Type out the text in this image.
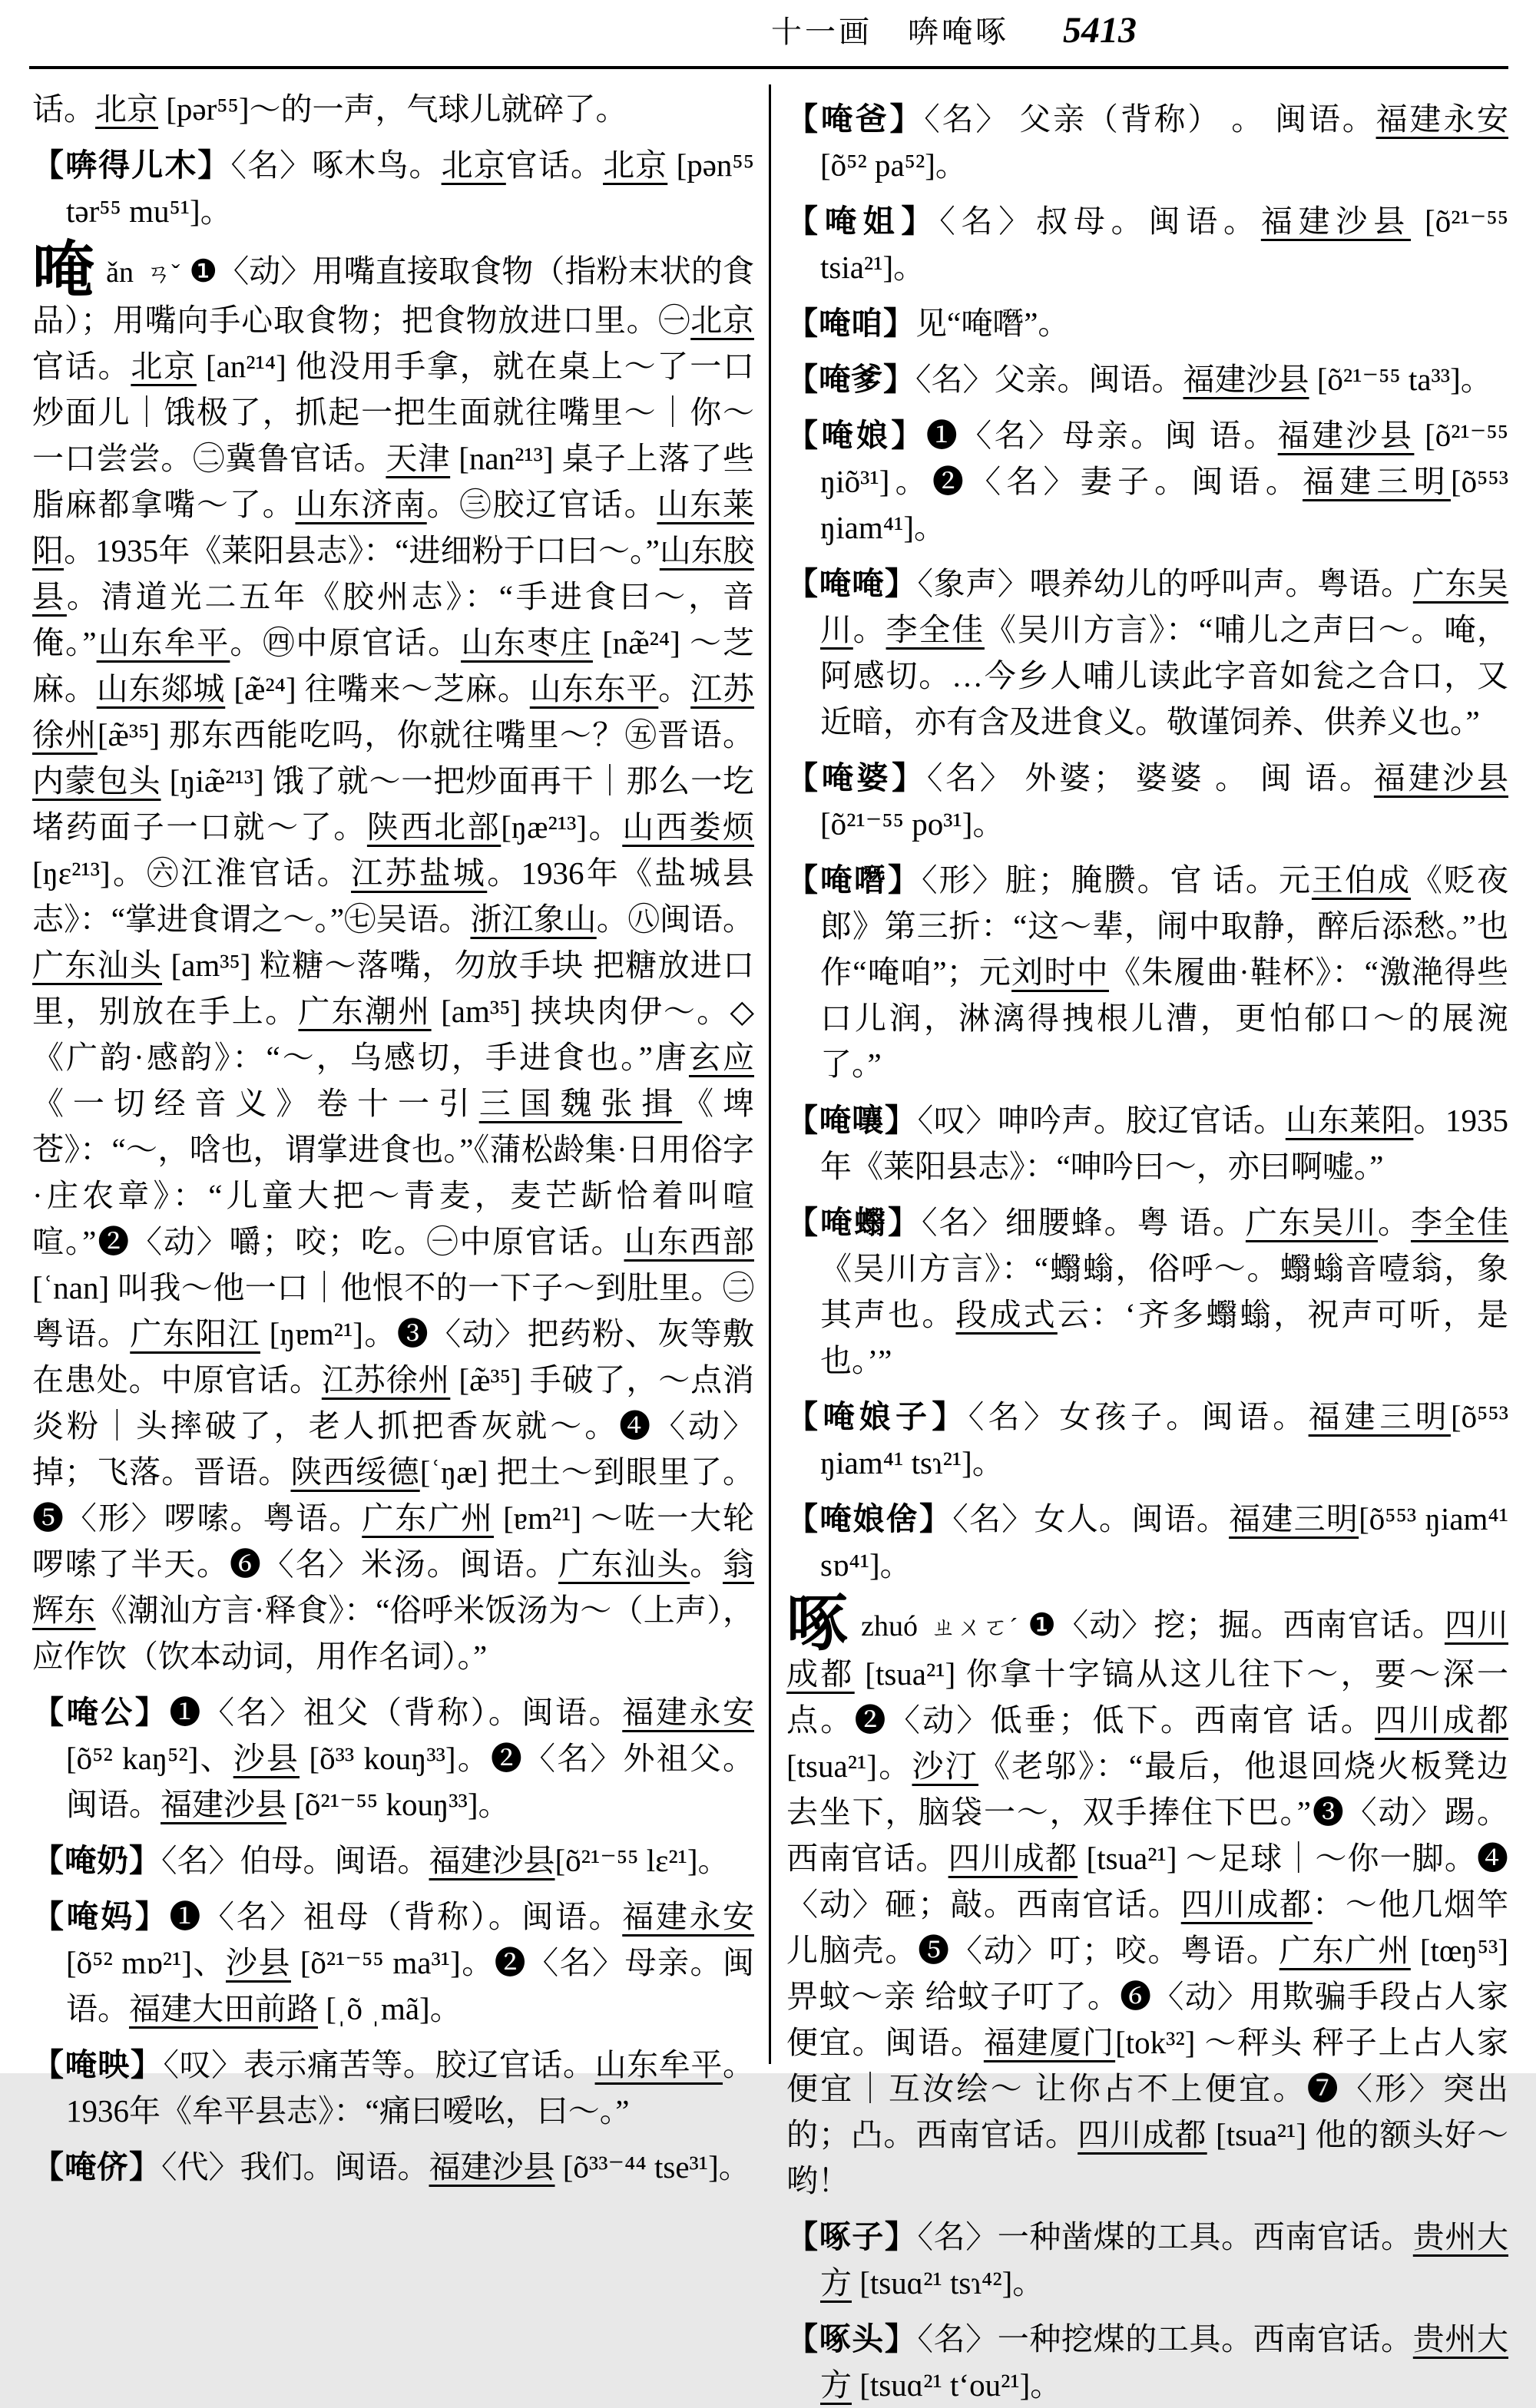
十一画 喯唵啄 5413
话。北京 [pər⁵⁵]～的一声，气球儿就碎了。
【喯得儿木】〈名〉啄木鸟。北京官话。北京 [pən⁵⁵ tər⁵⁵ mu⁵¹]。
唵ǎn ㄢˇ ❶〈动〉用嘴直接取食物（指粉末状的食品）；用嘴向手心取食物；把食物放进口里。㊀北京官话。北京 [an²¹⁴] 他没用手拿，就在桌上～了一口炒面儿｜饿极了，抓起一把生面就往嘴里～｜你～一口尝尝。㊁冀鲁官话。天津 [nan²¹³] 桌子上落了些脂麻都拿嘴～了。山东济南。㊂胶辽官话。山东莱阳。1935年《莱阳县志》：“进细粉于口曰～。”山东胶县。清道光二五年《胶州志》：“手进食曰～，音俺。”山东牟平。㊃中原官话。山东枣庄 [næ̃²⁴] ～芝麻。山东郯城 [æ̃²⁴] 往嘴来～芝麻。山东东平。江苏徐州[æ̃³⁵] 那东西能吃吗，你就往嘴里～？㊄晋语。内蒙包头 [ŋiæ̃²¹³] 饿了就～一把炒面再干｜那么一圪堵药面子一口就～了。陕西北部[ŋæ²¹³]。山西娄烦[ŋɛ²¹³]。㊅江淮官话。江苏盐城。1936年《盐城县志》：“掌进食谓之～。”㊆吴语。浙江象山。㊇闽语。广东汕头 [am³⁵] 粒糖～落嘴，勿放手块 把糖放进口里，别放在手上。广东潮州 [am³⁵] 挟块肉伊～。◇《广韵·感韵》：“～，乌感切，手进食也。”唐玄应《一切经音义》卷十一引三国魏张揖《埤苍》：“～，唅也，谓掌进食也。”《蒲松龄集·日用俗字·庄农章》：“儿童大把～青麦，麦芒龂恰着叫喧喧。”❷〈动〉嚼；咬；吃。㊀中原官话。山东西部 [ʿnan] 叫我～他一口｜他恨不的一下子～到肚里。㊁粤语。广东阳江 [ŋɐm²¹]。❸〈动〉把药粉、灰等敷在患处。中原官话。江苏徐州 [æ̃³⁵] 手破了，～点消炎粉｜头摔破了，老人抓把香灰就～。❹〈动〉掉；飞落。晋语。陕西绥德[ʿŋæ] 把土～到眼里了。❺〈形〉啰嗦。粤语。广东广州 [ɐm²¹] ～咗一大轮啰嗦了半天。❻〈名〉米汤。闽语。广东汕头。翁辉东《潮汕方言·释食》：“俗呼米饭汤为～（上声），应作饮（饮本动词，用作名词）。”
【唵公】❶〈名〉祖父（背称）。闽语。福建永安 [õ⁵² kaŋ⁵²]、沙县 [õ³³ kouŋ³³]。❷〈名〉外祖父。闽语。福建沙县 [õ²¹⁻⁵⁵ kouŋ³³]。
【唵奶】〈名〉伯母。闽语。福建沙县[õ²¹⁻⁵⁵ lɛ²¹]。
【唵妈】❶〈名〉祖母（背称）。闽语。福建永安 [õ⁵² mɒ²¹]、沙县 [õ²¹⁻⁵⁵ ma³¹]。❷〈名〉母亲。闽语。福建大田前路 [ˌõ ˌmã]。
【唵映】〈叹〉表示痛苦等。胶辽官话。山东牟平。1936年《牟平县志》：“痛曰嗳吆，曰～。”
【唵侪】〈代〉我们。闽语。福建沙县 [õ³³⁻⁴⁴ tse³¹]。
【唵爸】〈名〉 父亲（背称） 。 闽语。福建永安 [õ⁵² pa⁵²]。
【唵姐】〈名〉叔母。闽语。福建沙县 [õ²¹⁻⁵⁵ tsia²¹]。
【唵咱】见“唵噆”。
【唵爹】〈名〉父亲。闽语。福建沙县 [õ²¹⁻⁵⁵ ta³³]。
【唵娘】❶〈名〉母亲。闽 语。福建沙县 [õ²¹⁻⁵⁵ ŋiõ³¹]。❷〈名〉妻子。闽语。福建三明[õ⁵⁵³ ŋiam⁴¹]。
【唵唵】〈象声〉喂养幼儿的呼叫声。粤语。广东吴川。李全佳《吴川方言》：“哺儿之声曰～。唵，阿感切。…今乡人哺儿读此字音如瓮之合口，又近暗，亦有含及进食义。敬谨饲养、供养义也。”
【唵婆】〈名〉 外婆； 婆婆 。 闽 语。福建沙县 [õ²¹⁻⁵⁵ po³¹]。
【唵噆】〈形〉脏；腌臜。官 话。元王伯成《贬夜郎》第三折：“这～辈，闹中取静，醉后添愁。”也作“唵咱”；元刘时中《朱履曲·鞋杯》：“激滟得些口儿润，淋漓得拽根儿漕，更怕郁口～的展涴了。”
【唵嚷】〈叹〉呻吟声。胶辽官话。山东莱阳。1935年《莱阳县志》：“呻吟曰～，亦曰啊嘘。”
【唵蠮】〈名〉细腰蜂。粤 语。广东吴川。李全佳《吴川方言》：“蠮螉，俗呼～。蠮螉音噎翁，象其声也。段成式云：‘齐多蠮螉，祝声可听，是也。’”
【唵娘子】〈名〉女孩子。闽语。福建三明[õ⁵⁵³ ŋiam⁴¹ tsɿ²¹]。
【唵娘倽】〈名〉女人。闽语。福建三明[õ⁵⁵³ ŋiam⁴¹ sɒ⁴¹]。
啄zhuó ㄓㄨㄛˊ ❶〈动〉挖；掘。西南官话。四川成都 [tsua²¹] 你拿十字镐从这儿往下～，要～深一点。❷〈动〉低垂；低下。西南官 话。四川成都 [tsua²¹]。沙汀《老邬》：“最后，他退回烧火板凳边 去坐下，脑袋一～，双手捧住下巴。”❸〈动〉踢。西南官话。四川成都 [tsua²¹] ～足球｜～你一脚。❹〈动〉砸；敲。西南官话。四川成都：～他几烟竿儿脑壳。❺〈动〉叮；咬。粤语。广东广州 [tœŋ⁵³] 畀蚊～亲 给蚊子叮了。❻〈动〉用欺骗手段占人家便宜。闽语。福建厦门[tok³²] ～秤头 秤子上占人家便宜｜互汝绘～ 让你占不上便宜。❼〈形〉突出的；凸。西南官话。四川成都 [tsua²¹] 他的额头好～哟！
【啄子】〈名〉一种凿煤的工具。西南官话。贵州大方 [tsuɑ²¹ tsɿ⁴²]。
【啄头】〈名〉一种挖煤的工具。西南官话。贵州大方 [tsuɑ²¹ tʻou²¹]。
